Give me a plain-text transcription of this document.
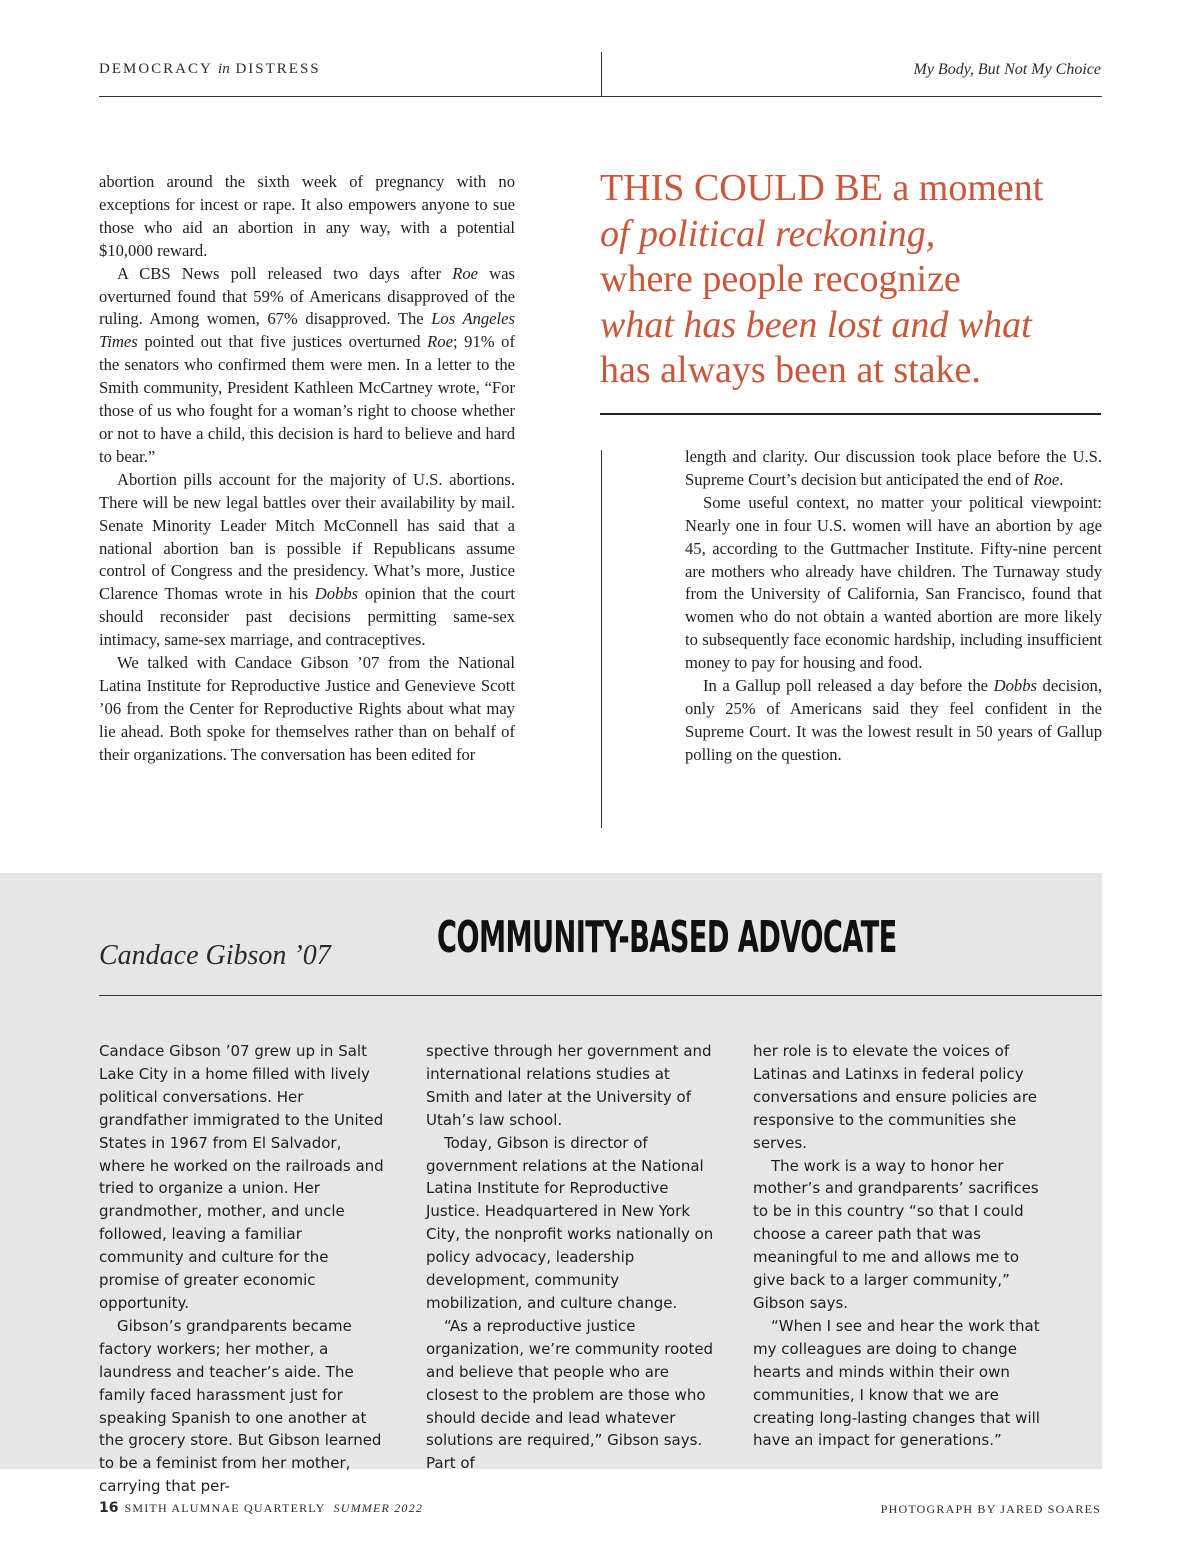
DEMOCRACY in DISTRESS	My Body, But Not My Choice

abortion around the sixth week of pregnancy with no exceptions for incest or rape. It also empowers anyone to sue those who aid an abortion in any way, with a potential $10,000 reward.

A CBS News poll released two days after Roe was overturned found that 59% of Americans disapproved of the ruling. Among women, 67% disapproved. The Los Angeles Times pointed out that five justices overturned Roe; 91% of the senators who confirmed them were men. In a letter to the Smith community, President Kathleen McCartney wrote, “For those of us who fought for a woman’s right to choose whether or not to have a child, this decision is hard to believe and hard to bear.”

Abortion pills account for the majority of U.S. abortions. There will be new legal battles over their availability by mail. Senate Minority Leader Mitch McConnell has said that a national abortion ban is possible if Republicans assume control of Congress and the presidency. What’s more, Justice Clarence Thomas wrote in his Dobbs opinion that the court should reconsider past decisions permitting same-sex intimacy, same-sex marriage, and contraceptives.

We talked with Candace Gibson ’07 from the National Latina Institute for Reproductive Justice and Genevieve Scott ’06 from the Center for Reproductive Rights about what may lie ahead. Both spoke for themselves rather than on behalf of their organizations. The conversation has been edited for

THIS COULD BE a moment
of political reckoning,
where people recognize
what has been lost and what
has always been at stake.

length and clarity. Our discussion took place before the U.S. Supreme Court’s decision but anticipated the end of Roe.

Some useful context, no matter your political viewpoint: Nearly one in four U.S. women will have an abortion by age 45, according to the Guttmacher Institute. Fifty-nine percent are mothers who already have children. The Turnaway study from the University of California, San Francisco, found that women who do not obtain a wanted abortion are more likely to subsequently face economic hardship, including insufficient money to pay for housing and food.

In a Gallup poll released a day before the Dobbs decision, only 25% of Americans said they feel confident in the Supreme Court. It was the lowest result in 50 years of Gallup polling on the question.

Candace Gibson ’07 COMMUNITY-BASED ADVOCATE

Candace Gibson ’07 grew up in Salt Lake City in a home filled with lively political conversations. Her grandfather immigrated to the United States in 1967 from El Salvador, where he worked on the railroads and tried to organize a union. Her grandmother, mother, and uncle followed, leaving a familiar community and culture for the promise of greater economic opportunity.

Gibson’s grandparents became factory workers; her mother, a laundress and teacher’s aide. The family faced harassment just for speaking Spanish to one another at the grocery store. But Gibson learned to be a feminist from her mother, carrying that per-

spective through her government and international relations studies at Smith and later at the University of Utah’s law school.

Today, Gibson is director of government relations at the National Latina Institute for Reproductive Justice. Headquartered in New York City, the nonprofit works nationally on policy advocacy, leadership development, community mobilization, and culture change.

“As a reproductive justice organization, we’re community rooted and believe that people who are closest to the problem are those who should decide and lead whatever solutions are required,” Gibson says. Part of

her role is to elevate the voices of Latinas and Latinxs in federal policy conversations and ensure policies are responsive to the communities she serves.

The work is a way to honor her mother’s and grandparents’ sacrifices to be in this country “so that I could choose a career path that was meaningful to me and allows me to give back to a larger community,” Gibson says.

“When I see and hear the work that my colleagues are doing to change hearts and minds within their own communities, I know that we are creating long-lasting changes that will have an impact for generations.”

16 SMITH ALUMNAE QUARTERLY SUMMER 2022	PHOTOGRAPH BY JARED SOARES
